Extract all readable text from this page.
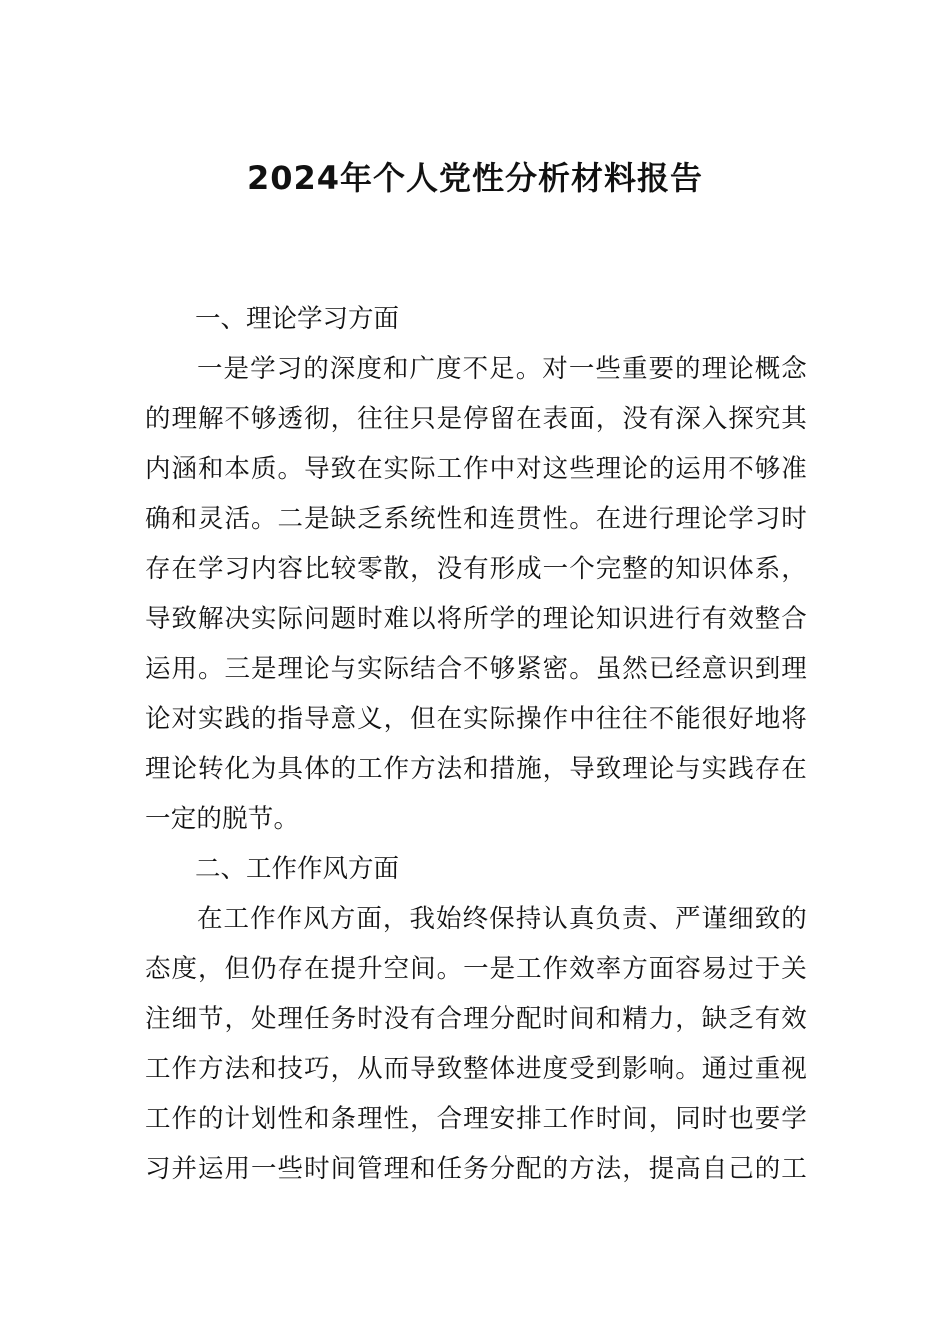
2024年个人党性分析材料报告
一、理论学习方面
一是学习的深度和广度不足。对一些重要的理论概念
的理解不够透彻，往往只是停留在表面，没有深入探究其
内涵和本质。导致在实际工作中对这些理论的运用不够准
确和灵活。二是缺乏系统性和连贯性。在进行理论学习时
存在学习内容比较零散，没有形成一个完整的知识体系，
导致解决实际问题时难以将所学的理论知识进行有效整合
运用。三是理论与实际结合不够紧密。虽然已经意识到理
论对实践的指导意义，但在实际操作中往往不能很好地将
理论转化为具体的工作方法和措施，导致理论与实践存在
一定的脱节。
二、工作作风方面
在工作作风方面，我始终保持认真负责、严谨细致的
态度，但仍存在提升空间。一是工作效率方面容易过于关
注细节，处理任务时没有合理分配时间和精力，缺乏有效
工作方法和技巧，从而导致整体进度受到影响。通过重视
工作的计划性和条理性，合理安排工作时间，同时也要学
习并运用一些时间管理和任务分配的方法，提高自己的工
